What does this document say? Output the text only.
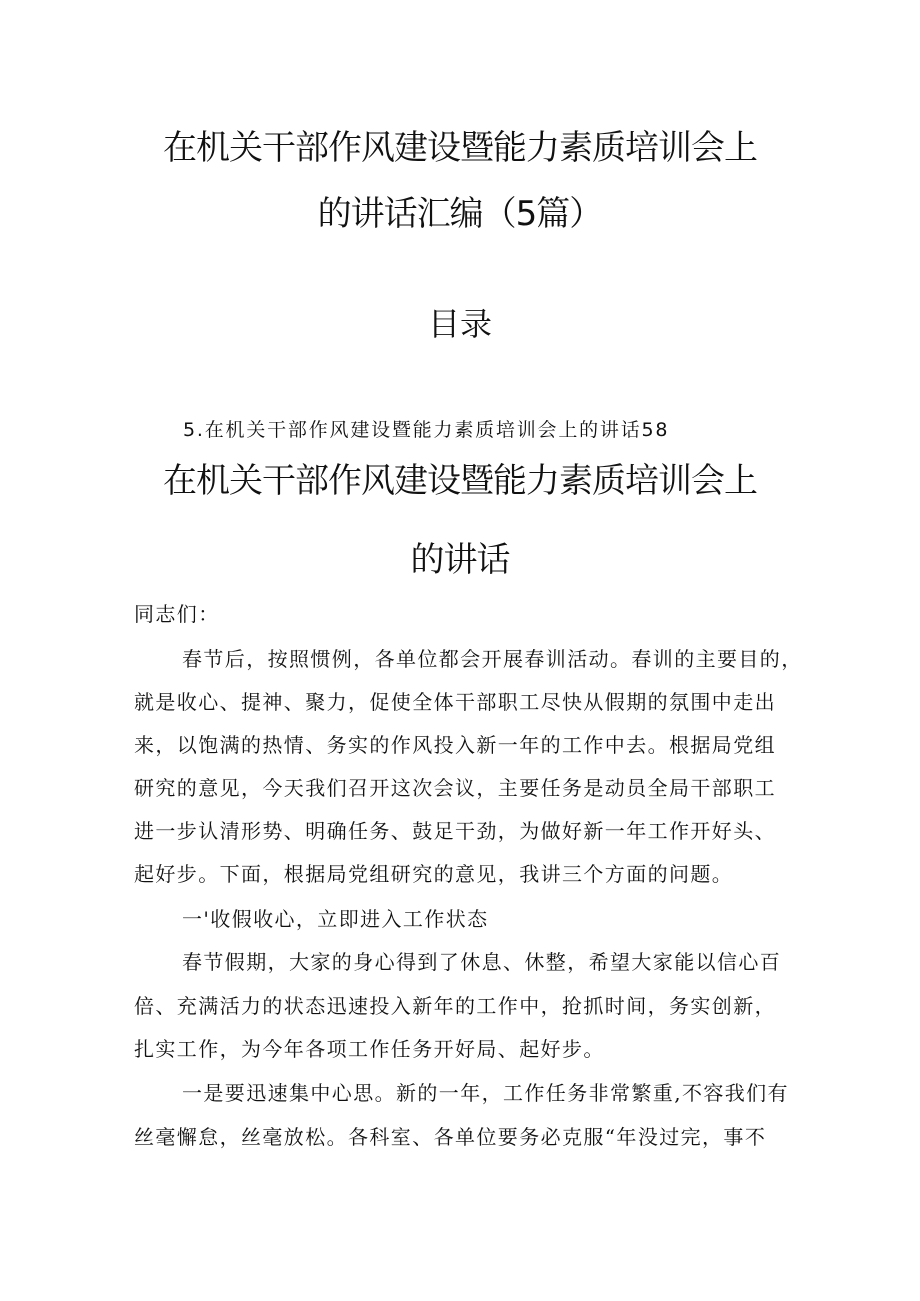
在机关干部作风建设暨能力素质培训会上
的讲话汇编（5篇）
目录
5.在机关干部作风建设暨能力素质培训会上的讲话58
在机关干部作风建设暨能力素质培训会上
的讲话
同志们：
春节后，按照惯例，各单位都会开展春训活动。春训的主要目的，
就是收心、提神、聚力，促使全体干部职工尽快从假期的氛围中走出
来，以饱满的热情、务实的作风投入新一年的工作中去。根据局党组
研究的意见，今天我们召开这次会议，主要任务是动员全局干部职工
进一步认清形势、明确任务、鼓足干劲，为做好新一年工作开好头、
起好步。下面，根据局党组研究的意见，我讲三个方面的问题。
一'收假收心，立即进入工作状态
春节假期，大家的身心得到了休息、休整，希望大家能以信心百
倍、充满活力的状态迅速投入新年的工作中，抢抓时间，务实创新，
扎实工作，为今年各项工作任务开好局、起好步。
一是要迅速集中心思。新的一年，工作任务非常繁重,不容我们有
丝毫懈怠，丝毫放松。各科室、各单位要务必克服“年没过完，事不
